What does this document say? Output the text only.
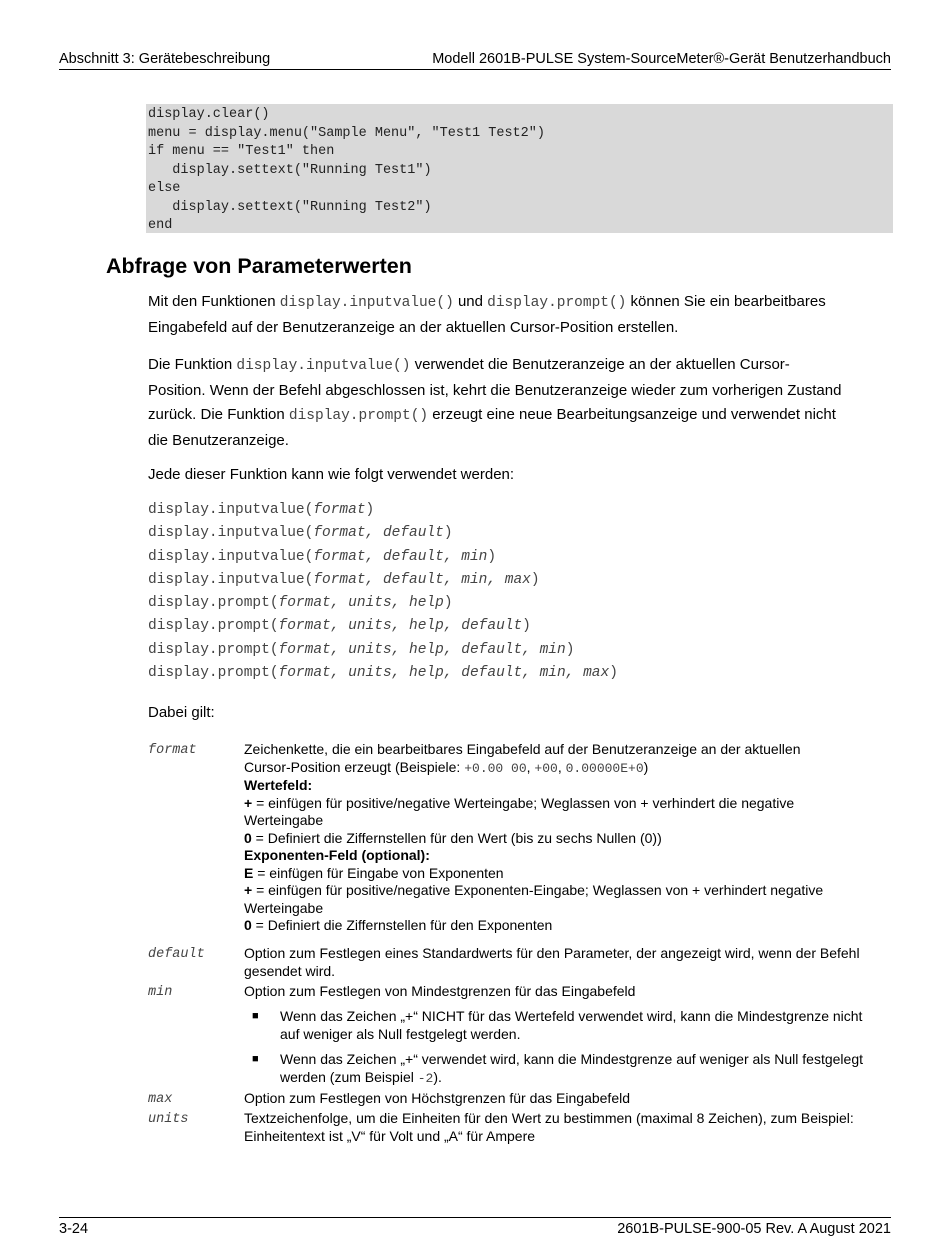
Abschnitt 3: Gerätebeschreibung	Modell 2601B-PULSE System-SourceMeter®-Gerät Benutzerhandbuch
display.clear()
menu = display.menu("Sample Menu", "Test1 Test2")
if menu == "Test1" then
display.settext("Running Test1")
else
display.settext("Running Test2")
end
Abfrage von Parameterwerten
Mit den Funktionen display.inputvalue() und display.prompt() können Sie ein bearbeitbares
Eingabefeld auf der Benutzeranzeige an der aktuellen Cursor-Position erstellen.
Die Funktion display.inputvalue() verwendet die Benutzeranzeige an der aktuellen Cursor-
Position. Wenn der Befehl abgeschlossen ist, kehrt die Benutzeranzeige wieder zum vorherigen Zustand
zurück. Die Funktion display.prompt() erzeugt eine neue Bearbeitungsanzeige und verwendet nicht
die Benutzeranzeige.
Jede dieser Funktion kann wie folgt verwendet werden:
display.inputvalue(format)
display.inputvalue(format, default)
display.inputvalue(format, default, min)
display.inputvalue(format, default, min, max)
display.prompt(format, units, help)
display.prompt(format, units, help, default)
display.prompt(format, units, help, default, min)
display.prompt(format, units, help, default, min, max)
Dabei gilt:
format	Zeichenkette, die ein bearbeitbares Eingabefeld auf der Benutzeranzeige an der aktuellen
Cursor-Position erzeugt (Beispiele: +0.00 00, +00, 0.00000E+0)
Wertefeld:
+ = einfügen für positive/negative Werteingabe; Weglassen von + verhindert die negative Werteingabe
0 = Definiert die Ziffernstellen für den Wert (bis zu sechs Nullen (0))
Exponenten-Feld (optional):
E = einfügen für Eingabe von Exponenten
+ = einfügen für positive/negative Exponenten-Eingabe; Weglassen von + verhindert negative Werteingabe
0 = Definiert die Ziffernstellen für den Exponenten
default	Option zum Festlegen eines Standardwerts für den Parameter, der angezeigt wird, wenn der Befehl gesendet wird.
min	Option zum Festlegen von Mindestgrenzen für das Eingabefeld
■ Wenn das Zeichen „+“ NICHT für das Wertefeld verwendet wird, kann die Mindestgrenze nicht auf weniger als Null festgelegt werden.
■ Wenn das Zeichen „+“ verwendet wird, kann die Mindestgrenze auf weniger als Null festgelegt werden (zum Beispiel -2).
max	Option zum Festlegen von Höchstgrenzen für das Eingabefeld
units	Textzeichenfolge, um die Einheiten für den Wert zu bestimmen (maximal 8 Zeichen), zum Beispiel: Einheitentext ist „V“ für Volt und „A“ für Ampere
3-24	2601B-PULSE-900-05 Rev. A August 2021
